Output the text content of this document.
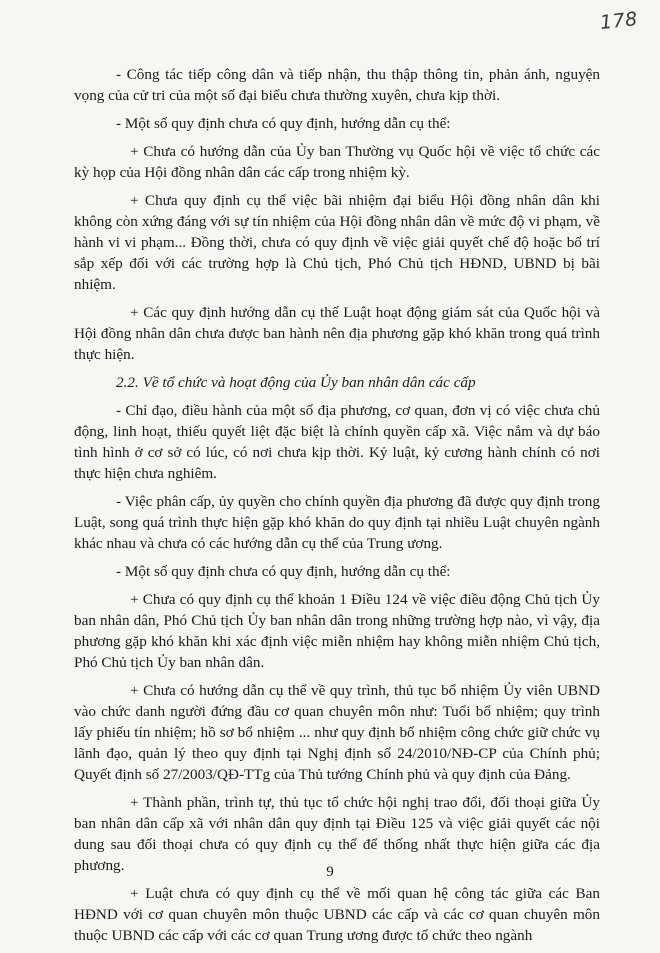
178

- Công tác tiếp công dân và tiếp nhận, thu thập thông tin, phản ánh, nguyện vọng của cử tri của một số đại biểu chưa thường xuyên, chưa kịp thời.

- Một số quy định chưa có quy định, hướng dẫn cụ thể:

+ Chưa có hướng dẫn của Ủy ban Thường vụ Quốc hội về việc tổ chức các kỳ họp của Hội đồng nhân dân các cấp trong nhiệm kỳ.

+ Chưa quy định cụ thể việc bãi nhiệm đại biểu Hội đồng nhân dân khi không còn xứng đáng với sự tín nhiệm của Hội đồng nhân dân về mức độ vi phạm, về hành vi vi phạm... Đồng thời, chưa có quy định về việc giải quyết chế độ hoặc bố trí sắp xếp đối với các trường hợp là Chủ tịch, Phó Chủ tịch HĐND, UBND bị bãi nhiệm.

+ Các quy định hướng dẫn cụ thể Luật hoạt động giám sát của Quốc hội và Hội đồng nhân dân chưa được ban hành nên địa phương gặp khó khăn trong quá trình thực hiện.

2.2. Về tổ chức và hoạt động của Ủy ban nhân dân các cấp

- Chỉ đạo, điều hành của một số địa phương, cơ quan, đơn vị có việc chưa chủ động, linh hoạt, thiếu quyết liệt đặc biệt là chính quyền cấp xã. Việc nắm và dự báo tình hình ở cơ sở có lúc, có nơi chưa kịp thời. Kỷ luật, kỷ cương hành chính có nơi thực hiện chưa nghiêm.

- Việc phân cấp, ủy quyền cho chính quyền địa phương đã được quy định trong Luật, song quá trình thực hiện gặp khó khăn do quy định tại nhiều Luật chuyên ngành khác nhau và chưa có các hướng dẫn cụ thể của Trung ương.

- Một số quy định chưa có quy định, hướng dẫn cụ thể:

+ Chưa có quy định cụ thể khoản 1 Điều 124 về việc điều động Chủ tịch Ủy ban nhân dân, Phó Chủ tịch Ủy ban nhân dân trong những trường hợp nào, vì vậy, địa phương gặp khó khăn khi xác định việc miễn nhiệm hay không miễn nhiệm Chủ tịch, Phó Chủ tịch Ủy ban nhân dân.

+ Chưa có hướng dẫn cụ thể về quy trình, thủ tục bổ nhiệm Ủy viên UBND vào chức danh người đứng đầu cơ quan chuyên môn như: Tuổi bổ nhiệm; quy trình lấy phiếu tín nhiệm; hồ sơ bổ nhiệm ... như quy định bổ nhiệm công chức giữ chức vụ lãnh đạo, quản lý theo quy định tại Nghị định số 24/2010/NĐ-CP của Chính phủ; Quyết định số 27/2003/QĐ-TTg của Thủ tướng Chính phủ và quy định của Đảng.

+ Thành phần, trình tự, thủ tục tổ chức hội nghị trao đổi, đối thoại giữa Ủy ban nhân dân cấp xã với nhân dân quy định tại Điều 125 và việc giải quyết các nội dung sau đối thoại chưa có quy định cụ thể để thống nhất thực hiện giữa các địa phương.

+ Luật chưa có quy định cụ thể về mối quan hệ công tác giữa các Ban HĐND với cơ quan chuyên môn thuộc UBND các cấp và các cơ quan chuyên môn thuộc UBND các cấp với các cơ quan Trung ương được tổ chức theo ngành

9
